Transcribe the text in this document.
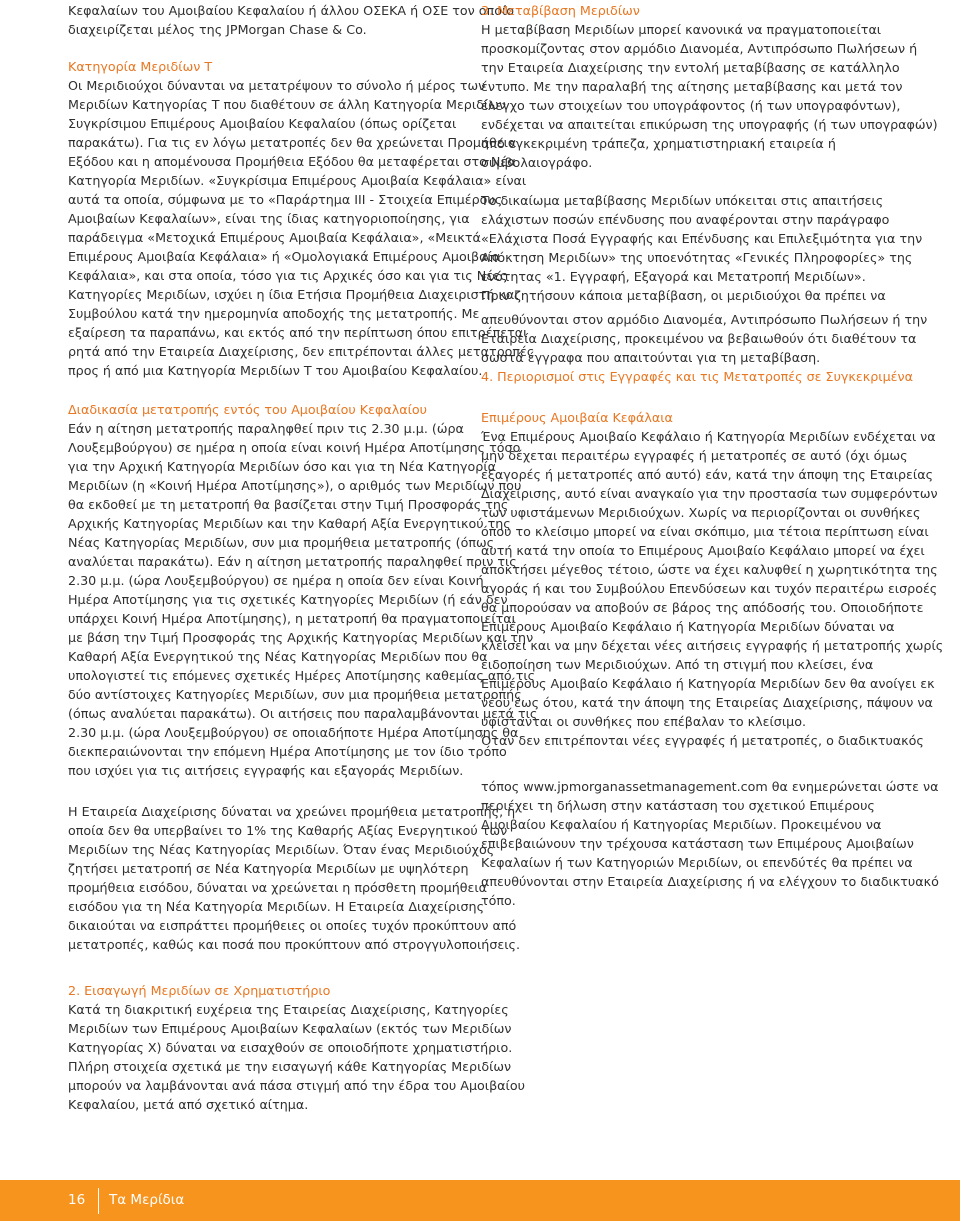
Κεφαλαίων του Αμοιβαίου Κεφαλαίου ή άλλου ΟΣΕΚΑ ή ΟΣΕ τον οποίο
διαχειρίζεται μέλος της JPMorgan Chase & Co.
Κατηγορία Μεριδίων T
Οι Μεριδιούχοι δύνανται να μετατρέψουν το σύνολο ή μέρος των
Μεριδίων Κατηγορίας T που διαθέτουν σε άλλη Κατηγορία Μεριδίων
Συγκρίσιμου Επιμέρους Αμοιβαίου Κεφαλαίου (όπως ορίζεται
παρακάτω). Για τις εν λόγω μετατροπές δεν θα χρεώνεται Προμήθεια
Εξόδου και η απομένουσα Προμήθεια Εξόδου θα μεταφέρεται στο Νέα
Κατηγορία Μεριδίων. «Συγκρίσιμα Επιμέρους Αμοιβαία Κεφάλαια» είναι
αυτά τα οποία, σύμφωνα με το «Παράρτημα ΙΙΙ - Στοιχεία Επιμέρους
Αμοιβαίων Κεφαλαίων», είναι της ίδιας κατηγοριοποίησης, για
παράδειγμα «Μετοχικά Επιμέρους Αμοιβαία Κεφάλαια», «Μεικτά
Επιμέρους Αμοιβαία Κεφάλαια» ή «Ομολογιακά Επιμέρους Αμοιβαία
Κεφάλαια», και στα οποία, τόσο για τις Αρχικές όσο και για τις Νέες
Κατηγορίες Μεριδίων, ισχύει η ίδια Ετήσια Προμήθεια Διαχειριστή και
Συμβούλου κατά την ημερομηνία αποδοχής της μετατροπής. Με
εξαίρεση τα παραπάνω, και εκτός από την περίπτωση όπου επιτρέπεται
ρητά από την Εταιρεία Διαχείρισης, δεν επιτρέπονται άλλες μετατροπές
προς ή από μια Κατηγορία Μεριδίων T του Αμοιβαίου Κεφαλαίου.
Διαδικασία μετατροπής εντός του Αμοιβαίου Κεφαλαίου
Εάν η αίτηση μετατροπής παραληφθεί πριν τις 2.30 μ.μ. (ώρα
Λουξεμβούργου) σε ημέρα η οποία είναι κοινή Ημέρα Αποτίμησης τόσο
για την Αρχική Κατηγορία Μεριδίων όσο και για τη Νέα Κατηγορία
Μεριδίων (η «Κοινή Ημέρα Αποτίμησης»), ο αριθμός των Μεριδίων που
θα εκδοθεί με τη μετατροπή θα βασίζεται στην Τιμή Προσφοράς της
Αρχικής Κατηγορίας Μεριδίων και την Καθαρή Αξία Ενεργητικού της
Νέας Κατηγορίας Μεριδίων, συν μια προμήθεια μετατροπής (όπως
αναλύεται παρακάτω). Εάν η αίτηση μετατροπής παραληφθεί πριν τις
2.30 μ.μ. (ώρα Λουξεμβούργου) σε ημέρα η οποία δεν είναι Κοινή
Ημέρα Αποτίμησης για τις σχετικές Κατηγορίες Μεριδίων (ή εάν δεν
υπάρχει Κοινή Ημέρα Αποτίμησης), η μετατροπή θα πραγματοποιείται
με βάση την Τιμή Προσφοράς της Αρχικής Κατηγορίας Μεριδίων και την
Καθαρή Αξία Ενεργητικού της Νέας Κατηγορίας Μεριδίων που θα
υπολογιστεί τις επόμενες σχετικές Ημέρες Αποτίμησης καθεμίας από τις
δύο αντίστοιχες Κατηγορίες Μεριδίων, συν μια προμήθεια μετατροπής
(όπως αναλύεται παρακάτω). Οι αιτήσεις που παραλαμβάνονται μετά τις
2.30 μ.μ. (ώρα Λουξεμβούργου) σε οποιαδήποτε Ημέρα Αποτίμησης θα
διεκπεραιώνονται την επόμενη Ημέρα Αποτίμησης με τον ίδιο τρόπο
που ισχύει για τις αιτήσεις εγγραφής και εξαγοράς Μεριδίων.
Η Εταιρεία Διαχείρισης δύναται να χρεώνει προμήθεια μετατροπής, η
οποία δεν θα υπερβαίνει το 1% της Καθαρής Αξίας Ενεργητικού των
Μεριδίων της Νέας Κατηγορίας Μεριδίων. Όταν ένας Μεριδιούχος
ζητήσει μετατροπή σε Νέα Κατηγορία Μεριδίων με υψηλότερη
προμήθεια εισόδου, δύναται να χρεώνεται η πρόσθετη προμήθεια
εισόδου για τη Νέα Κατηγορία Μεριδίων. Η Εταιρεία Διαχείρισης
δικαιούται να εισπράττει προμήθειες οι οποίες τυχόν προκύπτουν από
μετατροπές, καθώς και ποσά που προκύπτουν από στρογγυλοποιήσεις.
2. Εισαγωγή Μεριδίων σε Χρηματιστήριο
Κατά τη διακριτική ευχέρεια της Εταιρείας Διαχείρισης, Κατηγορίες
Μεριδίων των Επιμέρους Αμοιβαίων Κεφαλαίων (εκτός των Μεριδίων
Κατηγορίας X) δύναται να εισαχθούν σε οποιοδήποτε χρηματιστήριο.
Πλήρη στοιχεία σχετικά με την εισαγωγή κάθε Κατηγορίας Μεριδίων
μπορούν να λαμβάνονται ανά πάσα στιγμή από την έδρα του Αμοιβαίου
Κεφαλαίου, μετά από σχετικό αίτημα.
3. Μεταβίβαση Μεριδίων
Η μεταβίβαση Μεριδίων μπορεί κανονικά να πραγματοποιείται
προσκομίζοντας στον αρμόδιο Διανομέα, Αντιπρόσωπο Πωλήσεων ή
την Εταιρεία Διαχείρισης την εντολή μεταβίβασης σε κατάλληλο
έντυπο. Με την παραλαβή της αίτησης μεταβίβασης και μετά τον
έλεγχο των στοιχείων του υπογράφοντος (ή των υπογραφόντων),
ενδέχεται να απαιτείται επικύρωση της υπογραφής (ή των υπογραφών)
από εγκεκριμένη τράπεζα, χρηματιστηριακή εταιρεία ή
συμβολαιογράφο.
Το δικαίωμα μεταβίβασης Μεριδίων υπόκειται στις απαιτήσεις
ελάχιστων ποσών επένδυσης που αναφέρονται στην παράγραφο
«Ελάχιστα Ποσά Εγγραφής και Επένδυσης και Επιλεξιμότητα για την
Απόκτηση Μεριδίων» της υποενότητας «Γενικές Πληροφορίες» της
ενότητας «1. Εγγραφή, Εξαγορά και Μετατροπή Μεριδίων».
Πριν ζητήσουν κάποια μεταβίβαση, οι μεριδιούχοι θα πρέπει να
απευθύνονται στον αρμόδιο Διανομέα, Αντιπρόσωπο Πωλήσεων ή την
Εταιρεία Διαχείρισης, προκειμένου να βεβαιωθούν ότι διαθέτουν τα
σωστά έγγραφα που απαιτούνται για τη μεταβίβαση.
4. Περιορισμοί στις Εγγραφές και τις Μετατροπές σε Συγκεκριμένα
Επιμέρους Αμοιβαία Κεφάλαια
Ένα Επιμέρους Αμοιβαίο Κεφάλαιο ή Κατηγορία Μεριδίων ενδέχεται να
μην δέχεται περαιτέρω εγγραφές ή μετατροπές σε αυτό (όχι όμως
εξαγορές ή μετατροπές από αυτό) εάν, κατά την άποψη της Εταιρείας
Διαχείρισης, αυτό είναι αναγκαίο για την προστασία των συμφερόντων
των υφιστάμενων Μεριδιούχων. Χωρίς να περιορίζονται οι συνθήκες
όπου το κλείσιμο μπορεί να είναι σκόπιμο, μια τέτοια περίπτωση είναι
αυτή κατά την οποία το Επιμέρους Αμοιβαίο Κεφάλαιο μπορεί να έχει
αποκτήσει μέγεθος τέτοιο, ώστε να έχει καλυφθεί η χωρητικότητα της
αγοράς ή και του Συμβούλου Επενδύσεων και τυχόν περαιτέρω εισροές
θα μπορούσαν να αποβούν σε βάρος της απόδοσής του. Οποιοδήποτε
Επιμέρους Αμοιβαίο Κεφάλαιο ή Κατηγορία Μεριδίων δύναται να
κλείσει και να μην δέχεται νέες αιτήσεις εγγραφής ή μετατροπής χωρίς
ειδοποίηση των Μεριδιούχων. Από τη στιγμή που κλείσει, ένα
Επιμέρους Αμοιβαίο Κεφάλαιο ή Κατηγορία Μεριδίων δεν θα ανοίγει εκ
νέου έως ότου, κατά την άποψη της Εταιρείας Διαχείρισης, πάψουν να
υφίστανται οι συνθήκες που επέβαλαν το κλείσιμο.
Όταν δεν επιτρέπονται νέες εγγραφές ή μετατροπές, ο διαδικτυακός
τόπος www.jpmorganassetmanagement.com θα ενημερώνεται ώστε να
περιέχει τη δήλωση στην κατάσταση του σχετικού Επιμέρους
Αμοιβαίου Κεφαλαίου ή Κατηγορίας Μεριδίων. Προκειμένου να
επιβεβαιώνουν την τρέχουσα κατάσταση των Επιμέρους Αμοιβαίων
Κεφαλαίων ή των Κατηγοριών Μεριδίων, οι επενδύτές θα πρέπει να
απευθύνονται στην Εταιρεία Διαχείρισης ή να ελέγχουν το διαδικτυακό
τόπο.
16 Τα Μερίδια
